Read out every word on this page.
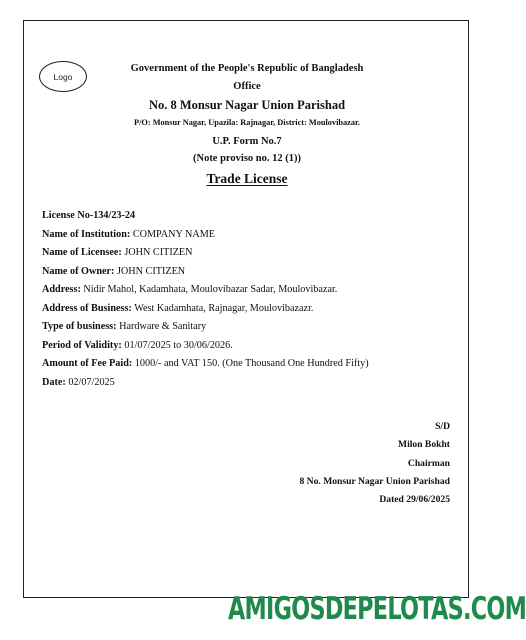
Logo
Government of the People's Republic of Bangladesh
Office
No. 8 Monsur Nagar Union Parishad
P/O: Monsur Nagar, Upazila: Rajnagar, District: Moulovibazar.
U.P. Form No.7
(Note proviso no. 12 (1))
Trade License
License No-134/23-24
Name of Institution: COMPANY NAME
Name of Licensee: JOHN CITIZEN
Name of Owner: JOHN CITIZEN
Address: Nidir Mahol, Kadamhata, Moulovibazar Sadar, Moulovibazar.
Address of Business: West Kadamhata, Rajnagar, Moulovibazazr.
Type of business: Hardware & Sanitary
Period of Validity: 01/07/2025 to 30/06/2026.
Amount of Fee Paid: 1000/- and VAT 150. (One Thousand One Hundred Fifty)
Date: 02/07/2025
S/D
Milon Bokht
Chairman
8 No. Monsur Nagar Union Parishad
Dated 29/06/2025
AMIGOSDEPELOTAS.COM
